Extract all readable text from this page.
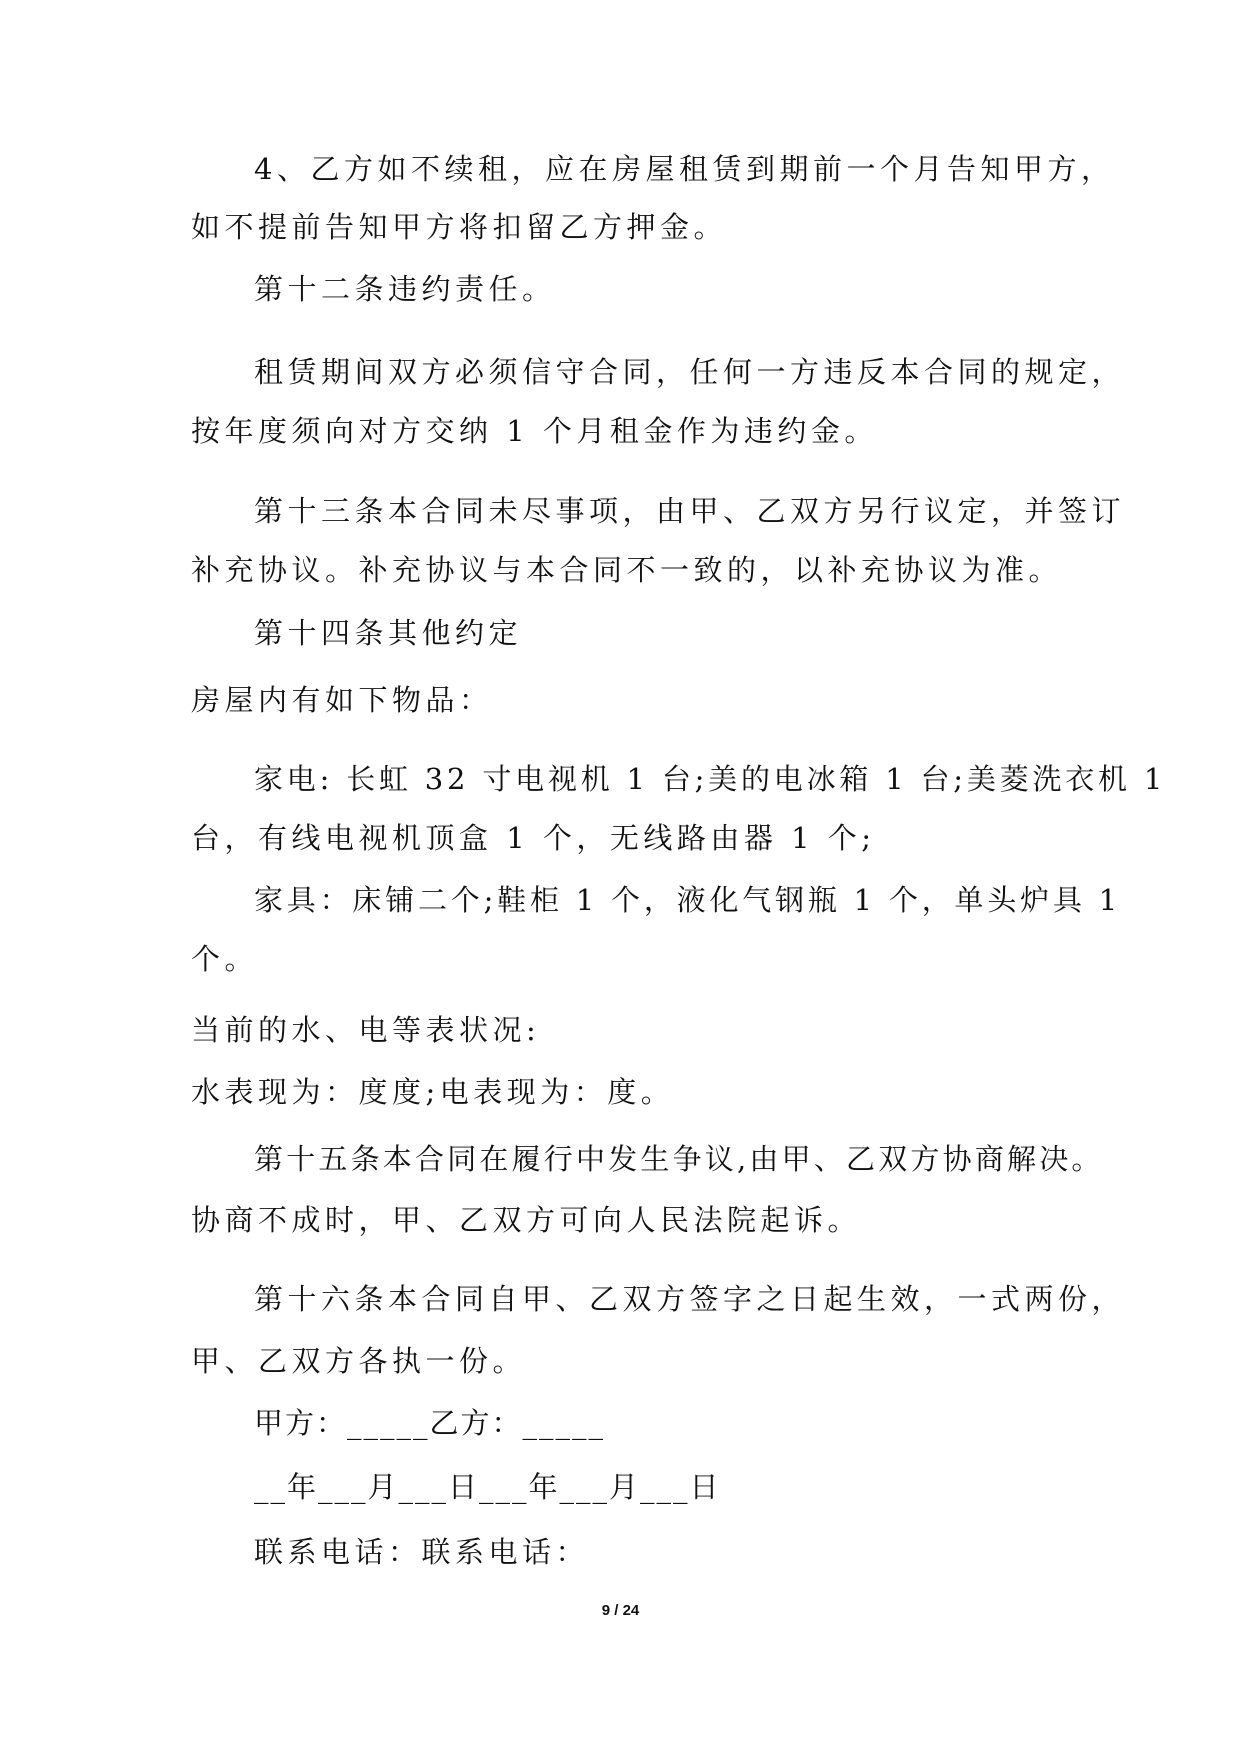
4、乙方如不续租，应在房屋租赁到期前一个月告知甲方，

如不提前告知甲方将扣留乙方押金。

第十二条违约责任。

租赁期间双方必须信守合同，任何一方违反本合同的规定，

按年度须向对方交纳 1 个月租金作为违约金。

第十三条本合同未尽事项，由甲、乙双方另行议定，并签订

补充协议。补充协议与本合同不一致的，以补充协议为准。

第十四条其他约定

房屋内有如下物品：

家电: 长虹 32 寸电视机 1 台;美的电冰箱 1 台;美菱洗衣机 1

台，有线电视机顶盒 1 个，无线路由器 1 个;

家具：床铺二个;鞋柜 1 个，液化气钢瓶 1 个，单头炉具 1

个。

当前的水、电等表状况:

水表现为：度度;电表现为：度。

第十五条本合同在履行中发生争议,由甲、乙双方协商解决。

协商不成时，甲、乙双方可向人民法院起诉。

第十六条本合同自甲、乙双方签字之日起生效，一式两份，

甲、乙双方各执一份。

甲方：_____乙方：_____

__年___月___日___年___月___日

联系电话：联系电话：

9 / 24
